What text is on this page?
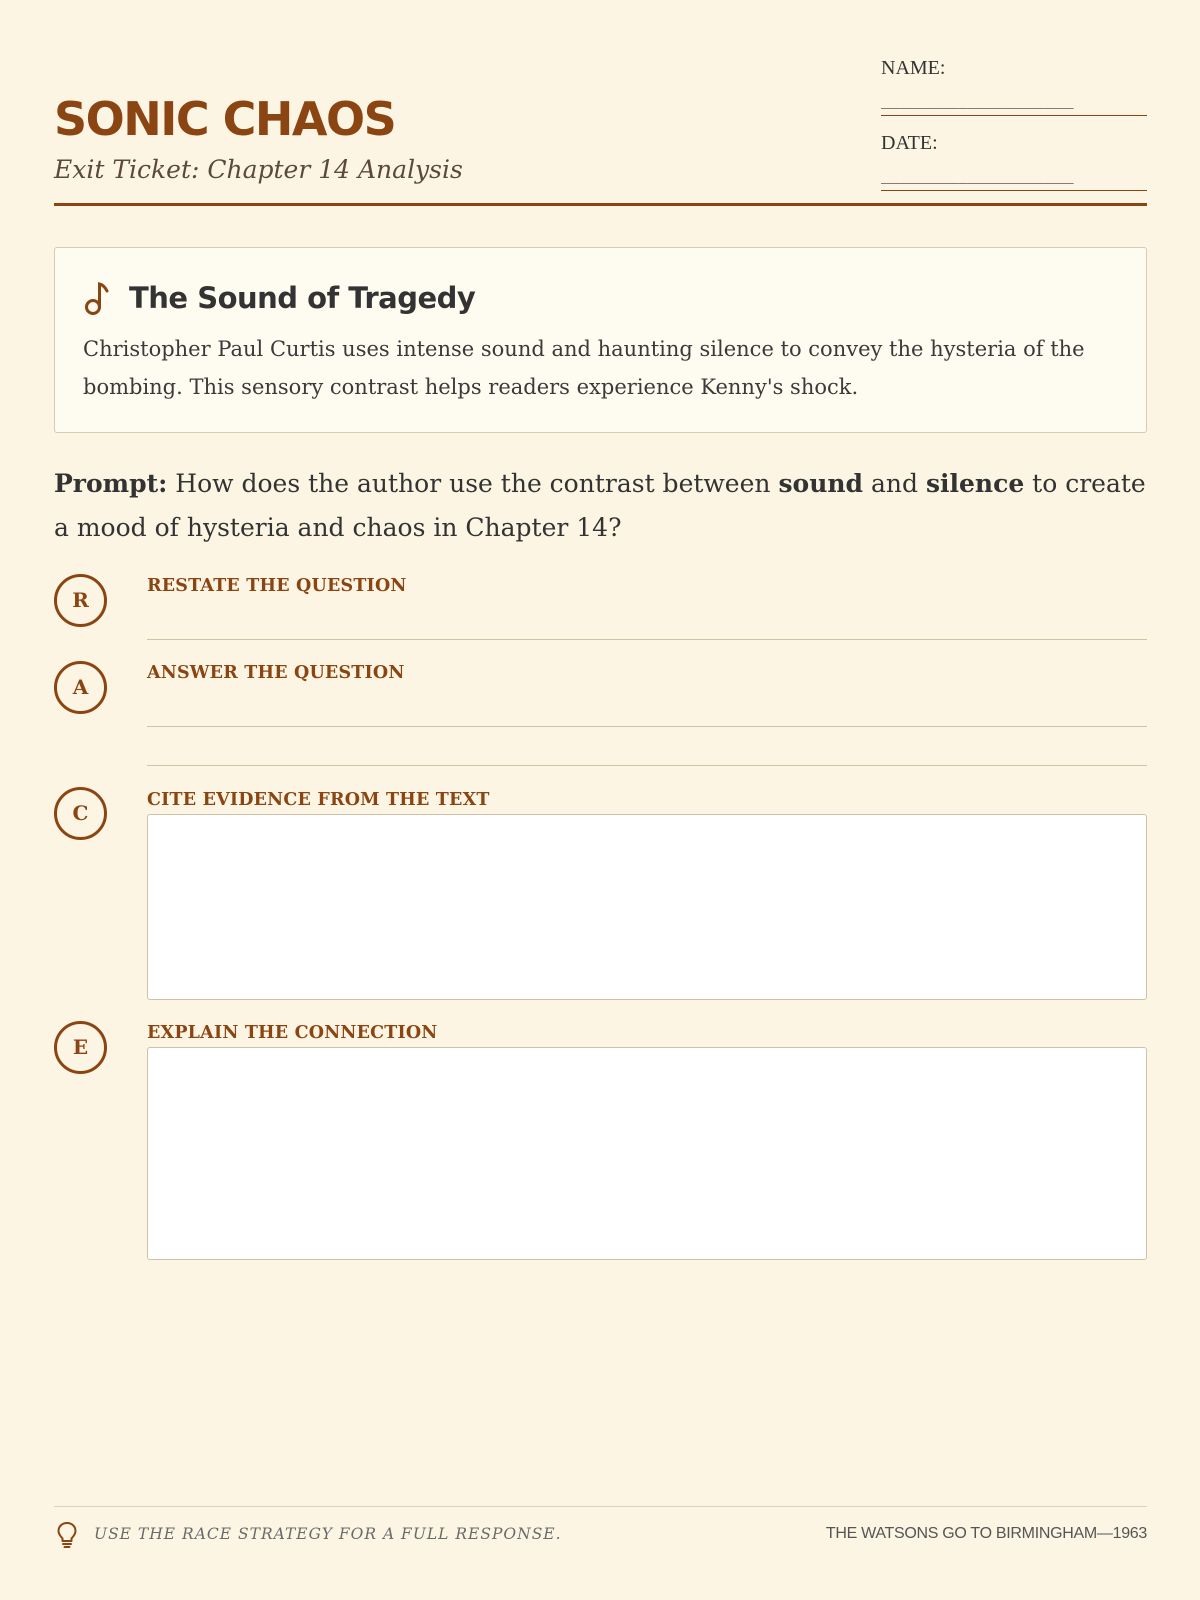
SONIC CHAOS
Exit Ticket: Chapter 14 Analysis
NAME:
____________________
DATE:
____________________
The Sound of Tragedy
Christopher Paul Curtis uses intense sound and haunting silence to convey the hysteria of the bombing. This sensory contrast helps readers experience Kenny's shock.
Prompt: How does the author use the contrast between sound and silence to create a mood of hysteria and chaos in Chapter 14?
R
RESTATE THE QUESTION
A
ANSWER THE QUESTION
C
CITE EVIDENCE FROM THE TEXT
E
EXPLAIN THE CONNECTION
USE THE RACE STRATEGY FOR A FULL RESPONSE.	THE WATSONS GO TO BIRMINGHAM—1963
